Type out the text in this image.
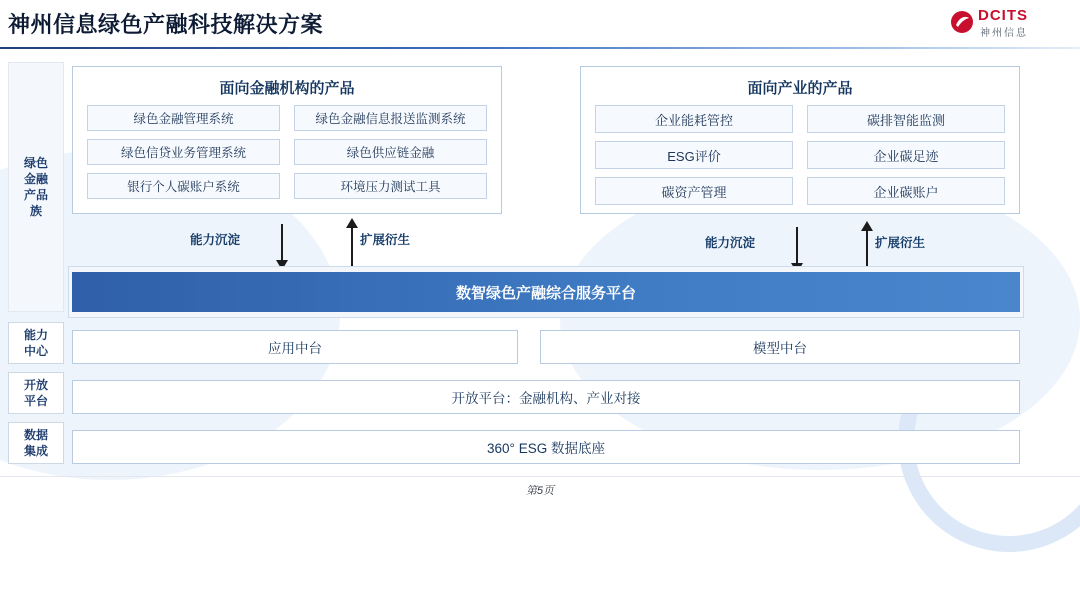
神州信息绿色产融科技解决方案	DCITS
神州信息
绿色
金融
产品
族
能力
中心
开放
平台
数据
集成
面向金融机构的产品
绿色金融管理系统	绿色金融信息报送监测系统
绿色信贷业务管理系统	绿色供应链金融
银行个人碳账户系统	环境压力测试工具
面向产业的产品
企业能耗管控	碳排智能监测
ESG评价	企业碳足迹
碳资产管理	企业碳账户
能力沉淀	扩展衍生	能力沉淀	扩展衍生
数智绿色产融综合服务平台
应用中台	模型中台
开放平台：金融机构、产业对接
360° ESG 数据底座
第5页
